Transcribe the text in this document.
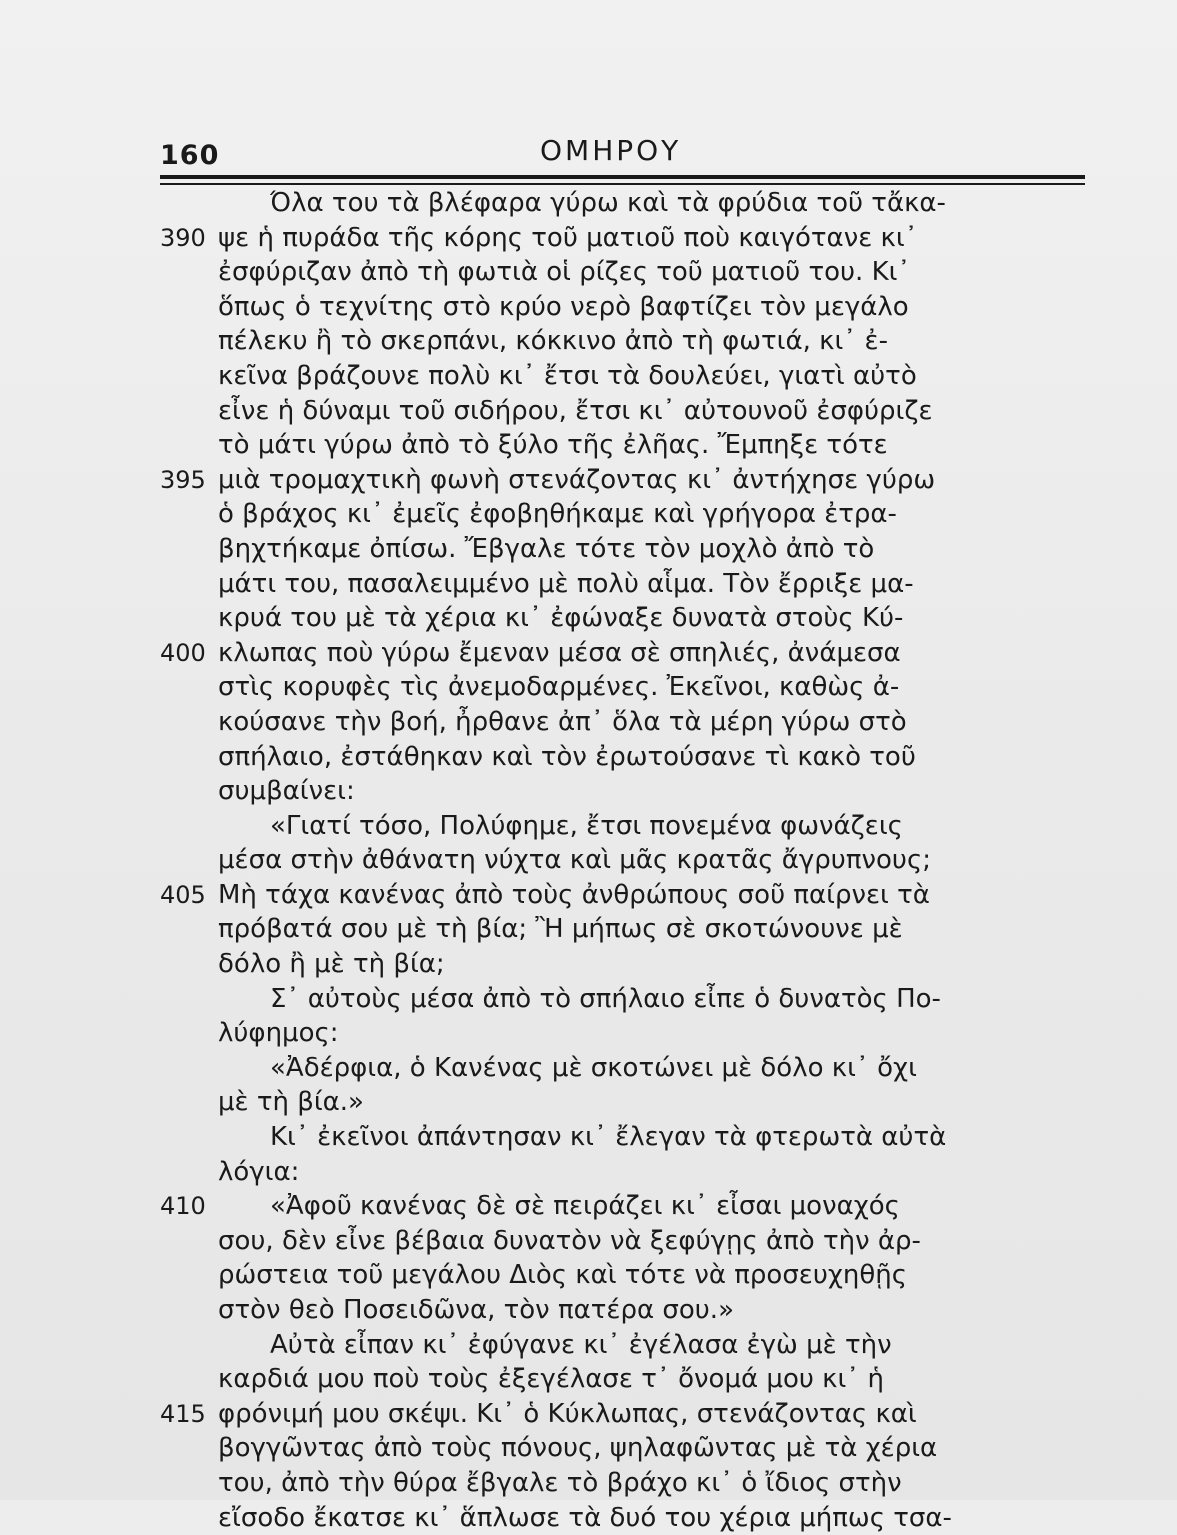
160	ΟΜΗΡΟΥ
Όλα του τὰ βλέφαρα γύρω καὶ τὰ φρύδια τοῦ τἄκα-
390 ψε ἡ πυράδα τῆς κόρης τοῦ ματιοῦ ποὺ καιγότανε κι᾽
ἐσφύριζαν ἀπὸ τὴ φωτιὰ οἱ ρίζες τοῦ ματιοῦ του. Κι᾽
ὅπως ὁ τεχνίτης στὸ κρύο νερὸ βαφτίζει τὸν μεγάλο
πέλεκυ ἢ τὸ σκερπάνι, κόκκινο ἀπὸ τὴ φωτιά, κι᾽ ἐ-
κεῖνα βράζουνε πολὺ κι᾽ ἔτσι τὰ δουλεύει, γιατὶ αὐτὸ
εἶνε ἡ δύναμι τοῦ σιδήρου, ἔτσι κι᾽ αὐτουνοῦ ἐσφύριζε
τὸ μάτι γύρω ἀπὸ τὸ ξύλο τῆς ἐλῆας. Ἔμπηξε τότε
395 μιὰ τρομαχτικὴ φωνὴ στενάζοντας κι᾽ ἀντήχησε γύρω
ὁ βράχος κι᾽ ἐμεῖς ἐφοβηθήκαμε καὶ γρήγορα ἐτρα-
βηχτήκαμε ὀπίσω. Ἔβγαλε τότε τὸν μοχλὸ ἀπὸ τὸ
μάτι του, πασαλειμμένο μὲ πολὺ αἷμα. Τὸν ἔρριξε μα-
κρυά του μὲ τὰ χέρια κι᾽ ἐφώναξε δυνατὰ στοὺς Κύ-
400 κλωπας ποὺ γύρω ἔμεναν μέσα σὲ σπηλιές, ἀνάμεσα
στὶς κορυφὲς τὶς ἀνεμοδαρμένες. Ἐκεῖνοι, καθὼς ἀ-
κούσανε τὴν βοή, ἦρθανε ἀπ᾽ ὅλα τὰ μέρη γύρω στὸ
σπήλαιο, ἐστάθηκαν καὶ τὸν ἐρωτούσανε τὶ κακὸ τοῦ
συμβαίνει:
«Γιατί τόσο, Πολύφημε, ἔτσι πονεμένα φωνάζεις
μέσα στὴν ἀθάνατη νύχτα καὶ μᾶς κρατᾶς ἄγρυπνους;
405 Μὴ τάχα κανένας ἀπὸ τοὺς ἀνθρώπους σοῦ παίρνει τὰ
πρόβατά σου μὲ τὴ βία; Ἢ μήπως σὲ σκοτώνουνε μὲ
δόλο ἢ μὲ τὴ βία;
Σ᾽ αὐτοὺς μέσα ἀπὸ τὸ σπήλαιο εἶπε ὁ δυνατὸς Πο-
λύφημος:
«Ἀδέρφια, ὁ Κανένας μὲ σκοτώνει μὲ δόλο κι᾽ ὄχι
μὲ τὴ βία.»
Κι᾽ ἐκεῖνοι ἀπάντησαν κι᾽ ἔλεγαν τὰ φτερωτὰ αὐτὰ
λόγια:
410	«Ἀφοῦ κανένας δὲ σὲ πειράζει κι᾽ εἶσαι μοναχός
σου, δὲν εἶνε βέβαια δυνατὸν νὰ ξεφύγῃς ἀπὸ τὴν ἀρ-
ρώστεια τοῦ μεγάλου Διὸς καὶ τότε νὰ προσευχηθῇς
στὸν θεὸ Ποσειδῶνα, τὸν πατέρα σου.»
Αὐτὰ εἶπαν κι᾽ ἐφύγανε κι᾽ ἐγέλασα ἐγὼ μὲ τὴν
καρδιά μου ποὺ τοὺς ἐξεγέλασε τ᾽ ὄνομά μου κι᾽ ἡ
415 φρόνιμή μου σκέψι. Κι᾽ ὁ Κύκλωπας, στενάζοντας καὶ
βογγῶντας ἀπὸ τοὺς πόνους, ψηλαφῶντας μὲ τὰ χέρια
του, ἀπὸ τὴν θύρα ἔβγαλε τὸ βράχο κι᾽ ὁ ἴδιος στὴν
εἴσοδο ἔκατσε κι᾽ ἅπλωσε τὰ δυό του χέρια μήπως τσα-
